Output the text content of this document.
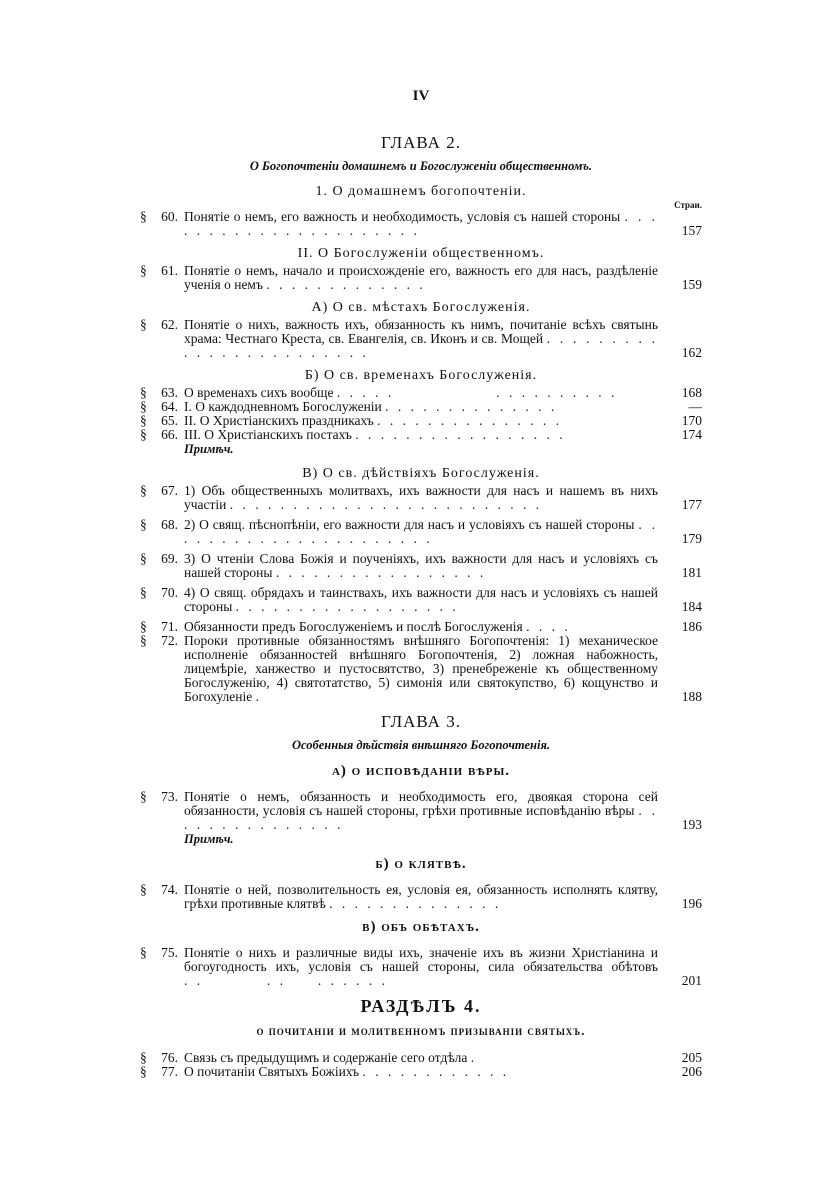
IV
ГЛАВА 2.
О Богопочтенiи домашнемъ и Богослуженiи общественномъ.
1. О домашнемъ богопочтенiи.
Стран.
§	60. Понятiе о немъ, его важность и необходимость, условiя съ нашей стороны . . . . . . . . . . . . . . . . . . . . . .	157
II. О Богослуженiи общественномъ.
§	61. Понятiе о немъ, начало и происхожденiе его, важность его для насъ, раздѣленiе ученiя о немъ . . . . . . . . . . . . .	159
А) О св. мѣстахъ Богослуженiя.
§	62. Понятiе о нихъ, важность ихъ, обязанность къ нимъ, почитанiе всѣхъ святынь храма: Честнаго Креста, св. Евангелiя, св. Иконъ и св. Мощей . . . . . . . . . . . . . . . . . . . . . . . .	162
Б) О св. временахъ Богослуженiя.
§	63. О временахъ сихъ вообще . . . . .                . . . . . . . . . .	168
§	64. I. О каждодневномъ Богослуженiи . . . . . . . . . . . . . .	—
§	65. II. О Христiанскихъ праздникахъ . . . . . . . . . . . . . . .	170
§	66. III. О Христiанскихъ постахъ . . . . . . . . . . . . . . . . .	174
Примѣч.
В) О св. дѣйствiяхъ Богослуженiя.
§	67. 1) Объ общественныхъ молитвахъ, ихъ важности для насъ и нашемъ въ нихъ участiи . . . . . . . . . . . . . . . . . . . . . . . . .	177
§	68. 2) О свящ. пѣснопѣнiи, его важности для насъ и условiяхъ съ нашей стороны . . . . . . . . . . . . . . . . . . . . . .	179
§	69. 3) О чтенiи Слова Божiя и поученiяхъ, ихъ важности для насъ и условiяхъ съ нашей стороны . . . . . . . . . . . . . . . . .	181
§	70. 4) О свящ. обрядахъ и таинствахъ, ихъ важности для насъ и условiяхъ съ нашей стороны . . . . . . . . . . . . . . . . . .	184
§	71. Обязанности предъ Богослуженiемъ и послѣ Богослуженiя . . . .	186
§	72. Пороки противные обязанностямъ внѣшняго Богопочтенiя: 1) механическое исполненiе обязанностей внѣшняго Богопочтенiя, 2) ложная набожность, лицемѣрiе, ханжество и пустосвятство, 3) пренебреженiе къ общественному Богослуженiю, 4) святотатство, 5) симонiя или святокупство, 6) кощунство и Богохуленiе .	188
ГЛАВА 3.
Особенныя дѣйствiя внѣшняго Богопочтенiя.
а) о исповѣданiи вѣры.
§	73. Понятiе о немъ, обязанность и необходимость его, двоякая сторона сей обязанности, условiя съ нашей стороны, грѣхи противные исповѣданiю вѣры . . . . . . . . . . . . . . .	193
Примѣч.
б) о клятвѣ.
§	74. Понятiе о ней, позволительность ея, условiя ея, обязанность исполнять клятву, грѣхи противные клятвѣ . . . . . . . . . . . . . .	196
в) объ обѣтахъ.
§	75. Понятiе о нихъ и различные виды ихъ, значенiе ихъ въ жизни Христiанина и богоугодность ихъ, условiя съ нашей стороны, сила обязательства обѣтовъ . .          . .     . . . . . .	201
РАЗДѢЛЪ 4.
о почитанiи и молитвенномъ призыванiи святыхъ.
§	76. Связь съ предыдущимъ и содержанiе сего отдѣла .	205
§	77. О почитанiи Святыхъ Божiихъ . . . . . . . . . . . .	206
